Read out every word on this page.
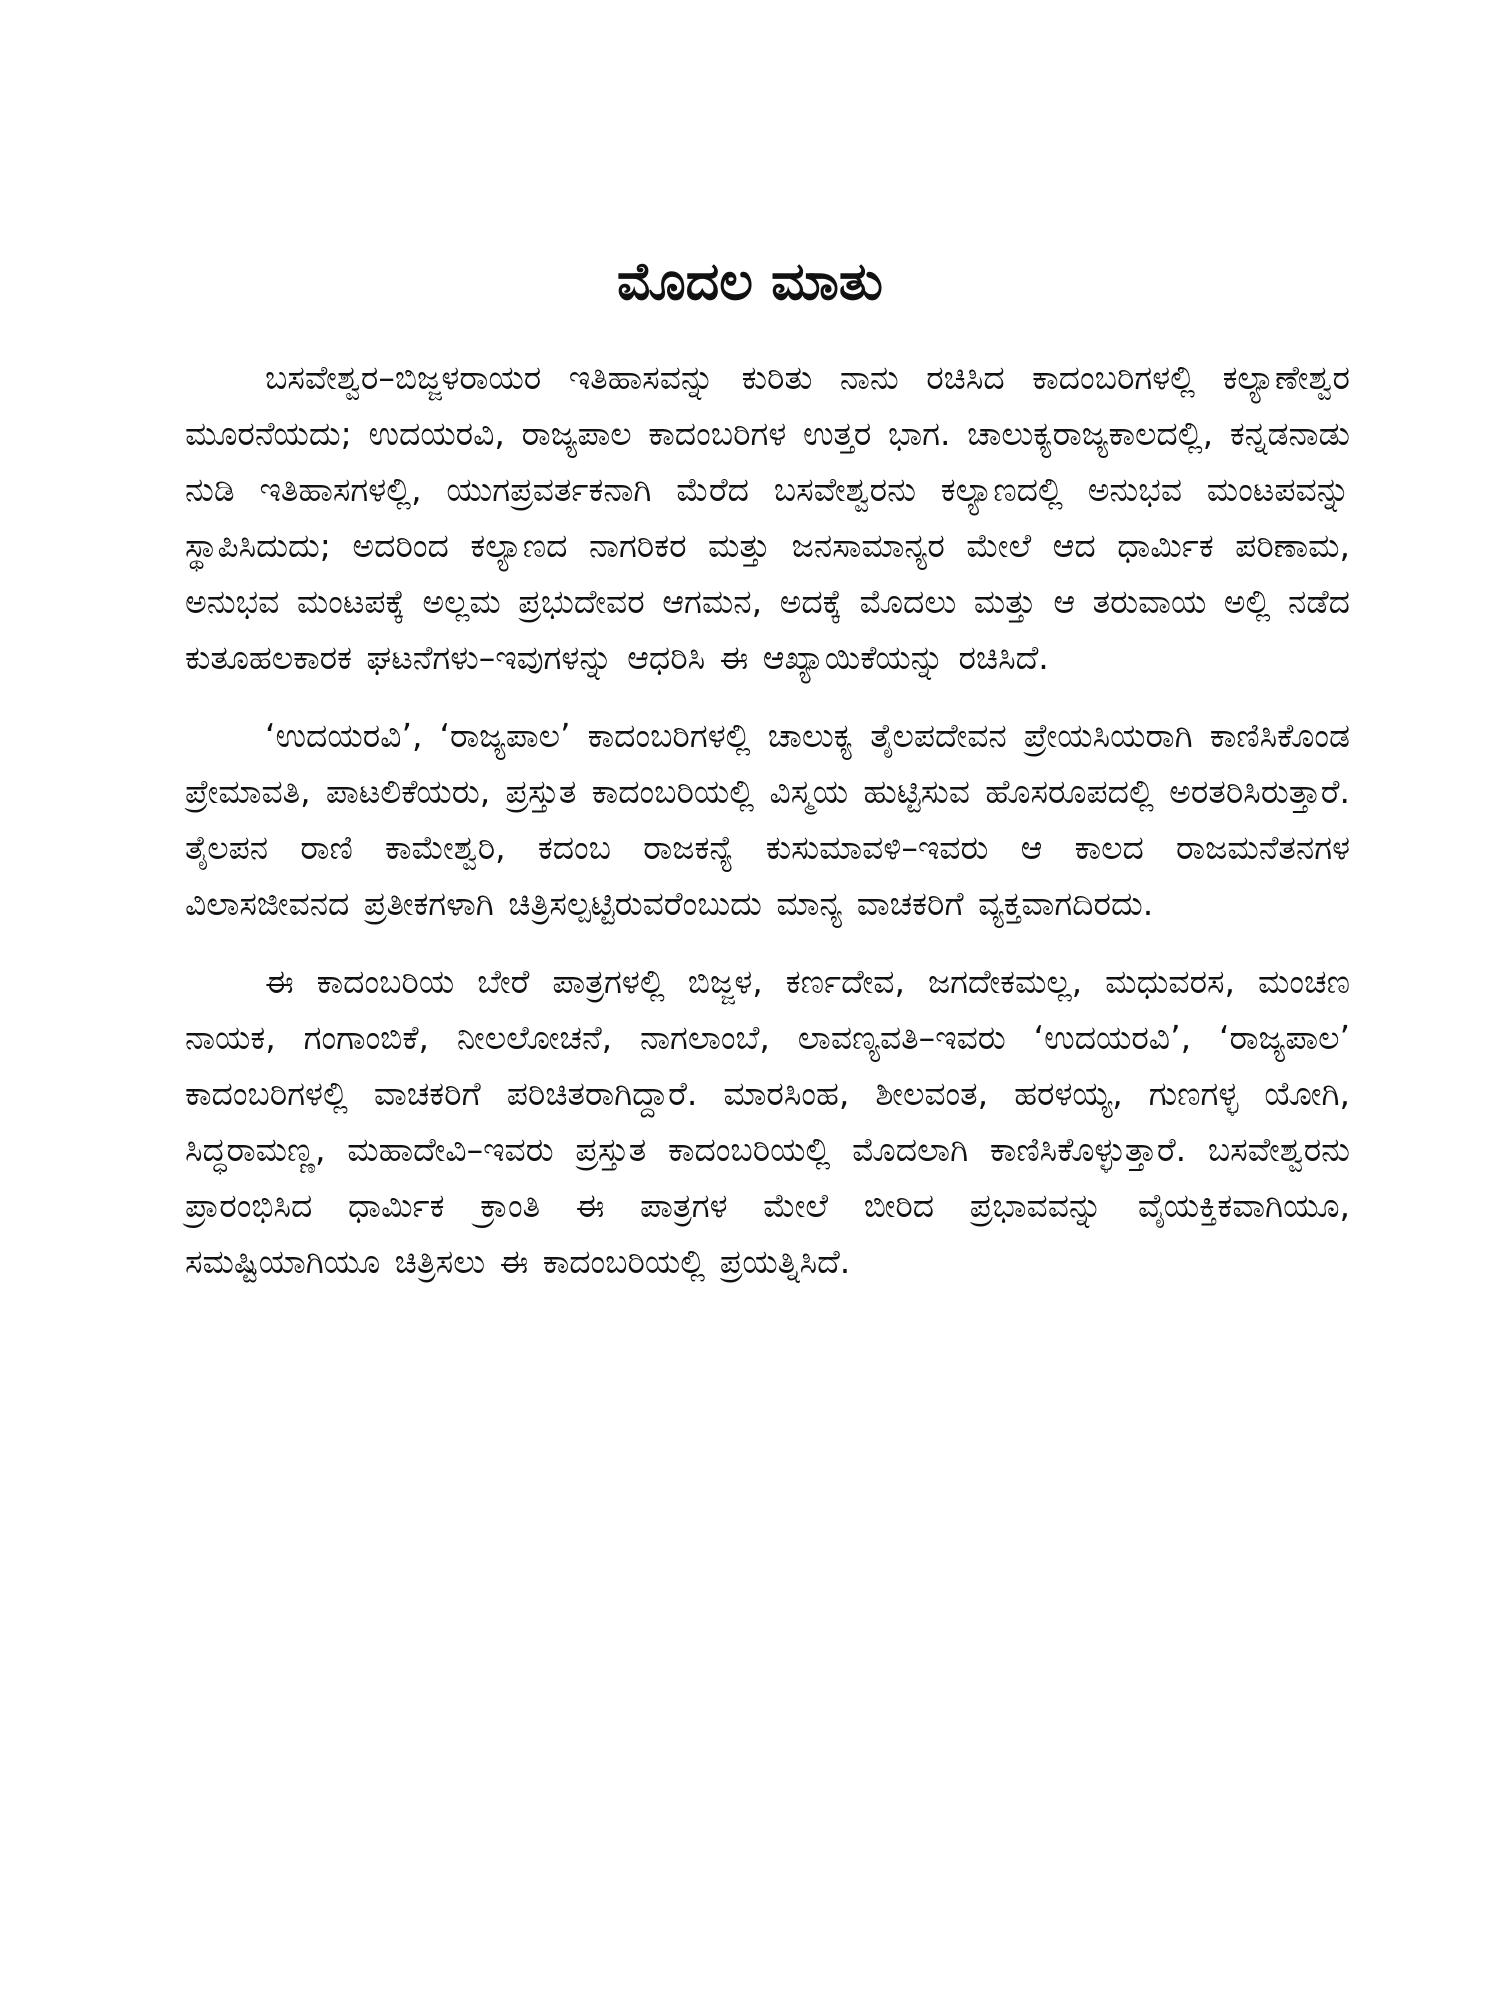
ಮೊದಲ ಮಾತು

ಬಸವೇಶ್ವರ–ಬಿಜ್ಜಳರಾಯರ ಇತಿಹಾಸವನ್ನು ಕುರಿತು ನಾನು ರಚಿಸಿದ ಕಾದಂಬರಿಗಳಲ್ಲಿ ಕಲ್ಯಾಣೇಶ್ವರ ಮೂರನೆಯದು; ಉದಯರವಿ, ರಾಜ್ಯಪಾಲ ಕಾದಂಬರಿಗಳ ಉತ್ತರ ಭಾಗ. ಚಾಲುಕ್ಯರಾಜ್ಯಕಾಲದಲ್ಲಿ, ಕನ್ನಡನಾಡು ನುಡಿ ಇತಿಹಾಸಗಳಲ್ಲಿ, ಯುಗಪ್ರವರ್ತಕನಾಗಿ ಮೆರೆದ ಬಸವೇಶ್ವರನು ಕಲ್ಯಾಣದಲ್ಲಿ ಅನುಭವ ಮಂಟಪವನ್ನು ಸ್ಥಾಪಿಸಿದುದು; ಅದರಿಂದ ಕಲ್ಯಾಣದ ನಾಗರಿಕರ ಮತ್ತು ಜನಸಾಮಾನ್ಯರ ಮೇಲೆ ಆದ ಧಾರ್ಮಿಕ ಪರಿಣಾಮ, ಅನುಭವ ಮಂಟಪಕ್ಕೆ ಅಲ್ಲಮ ಪ್ರಭುದೇವರ ಆಗಮನ, ಅದಕ್ಕೆ ಮೊದಲು ಮತ್ತು ಆ ತರುವಾಯ ಅಲ್ಲಿ ನಡೆದ ಕುತೂಹಲಕಾರಕ ಘಟನೆಗಳು–ಇವುಗಳನ್ನು ಆಧರಿಸಿ ಈ ಆಖ್ಯಾಯಿಕೆಯನ್ನು ರಚಿಸಿದೆ.

‘ಉದಯರವಿ’, ‘ರಾಜ್ಯಪಾಲ’ ಕಾದಂಬರಿಗಳಲ್ಲಿ ಚಾಲುಕ್ಯ ತೈಲಪದೇವನ ಪ್ರೇಯಸಿಯರಾಗಿ ಕಾಣಿಸಿಕೊಂಡ ಪ್ರೇಮಾವತಿ, ಪಾಟಲಿಕೆಯರು, ಪ್ರಸ್ತುತ ಕಾದಂಬರಿಯಲ್ಲಿ ವಿಸ್ಮಯ ಹುಟ್ಟಿಸುವ ಹೊಸರೂಪದಲ್ಲಿ ಅರತರಿಸಿರುತ್ತಾರೆ. ತೈಲಪನ ರಾಣಿ ಕಾಮೇಶ್ವರಿ, ಕದಂಬ ರಾಜಕನ್ಯೆ ಕುಸುಮಾವಳಿ–ಇವರು ಆ ಕಾಲದ ರಾಜಮನೆತನಗಳ ವಿಲಾಸಜೀವನದ ಪ್ರತೀಕಗಳಾಗಿ ಚಿತ್ರಿಸಲ್ಪಟ್ಟಿರುವರೆಂಬುದು ಮಾನ್ಯ ವಾಚಕರಿಗೆ ವ್ಯಕ್ತವಾಗದಿರದು.

ಈ ಕಾದಂಬರಿಯ ಬೇರೆ ಪಾತ್ರಗಳಲ್ಲಿ ಬಿಜ್ಜಳ, ಕರ್ಣದೇವ, ಜಗದೇಕಮಲ್ಲ, ಮಧುವರಸ, ಮಂಚಣ ನಾಯಕ, ಗಂಗಾಂಬಿಕೆ, ನೀಲಲೋಚನೆ, ನಾಗಲಾಂಬೆ, ಲಾವಣ್ಯವತಿ–ಇವರು ‘ಉದಯರವಿ’, ‘ರಾಜ್ಯಪಾಲ’ ಕಾದಂಬರಿಗಳಲ್ಲಿ ವಾಚಕರಿಗೆ ಪರಿಚಿತರಾಗಿದ್ದಾರೆ. ಮಾರಸಿಂಹ, ಶೀಲವಂತ, ಹರಳಯ್ಯ, ಗುಣಗಳ್ಳ ಯೋಗಿ, ಸಿದ್ಧರಾಮಣ್ಣ, ಮಹಾದೇವಿ–ಇವರು ಪ್ರಸ್ತುತ ಕಾದಂಬರಿಯಲ್ಲಿ ಮೊದಲಾಗಿ ಕಾಣಿಸಿಕೊಳ್ಳುತ್ತಾರೆ. ಬಸವೇಶ್ವರನು ಪ್ರಾರಂಭಿಸಿದ ಧಾರ್ಮಿಕ ಕ್ರಾಂತಿ ಈ ಪಾತ್ರಗಳ ಮೇಲೆ ಬೀರಿದ ಪ್ರಭಾವವನ್ನು ವೈಯಕ್ತಿಕವಾಗಿಯೂ, ಸಮಷ್ಟಿಯಾಗಿಯೂ ಚಿತ್ರಿಸಲು ಈ ಕಾದಂಬರಿಯಲ್ಲಿ ಪ್ರಯತ್ನಿಸಿದೆ.
